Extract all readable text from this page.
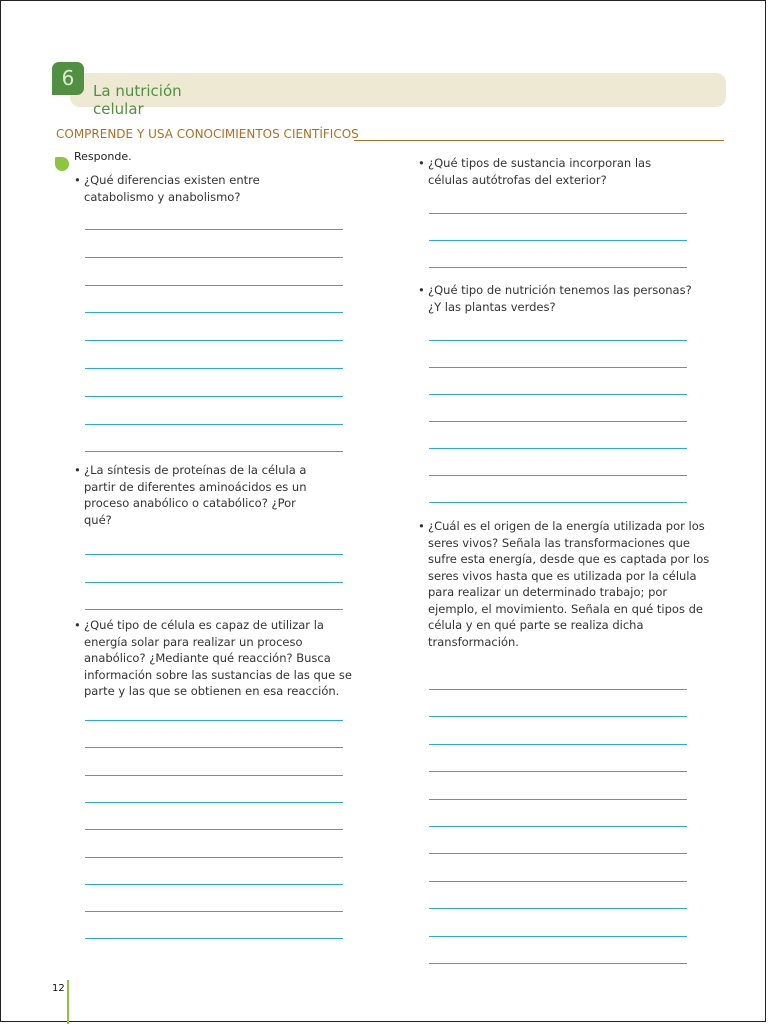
6
La nutrición celular
COMPRENDE Y USA CONOCIMIENTOS CIENTÍFICOS
Responde.
• ¿Qué diferencias existen entre catabolismo y anabolismo?
• ¿La síntesis de proteínas de la célula a partir de diferentes aminoácidos es un proceso anabólico o catabólico? ¿Por qué?
• ¿Qué tipo de célula es capaz de utilizar la energía solar para realizar un proceso anabólico? ¿Mediante qué reacción? Busca información sobre las sustancias de las que se parte y las que se obtienen en esa reacción.
• ¿Qué tipos de sustancia incorporan las células autótrofas del exterior?
• ¿Qué tipo de nutrición tenemos las personas? ¿Y las plantas verdes?
• ¿Cuál es el origen de la energía utilizada por los seres vivos? Señala las transformaciones que sufre esta energía, desde que es captada por los seres vivos hasta que es utilizada por la célula para realizar un determinado trabajo; por ejemplo, el movimiento. Señala en qué tipos de célula y en qué parte se realiza dicha transformación.
12
